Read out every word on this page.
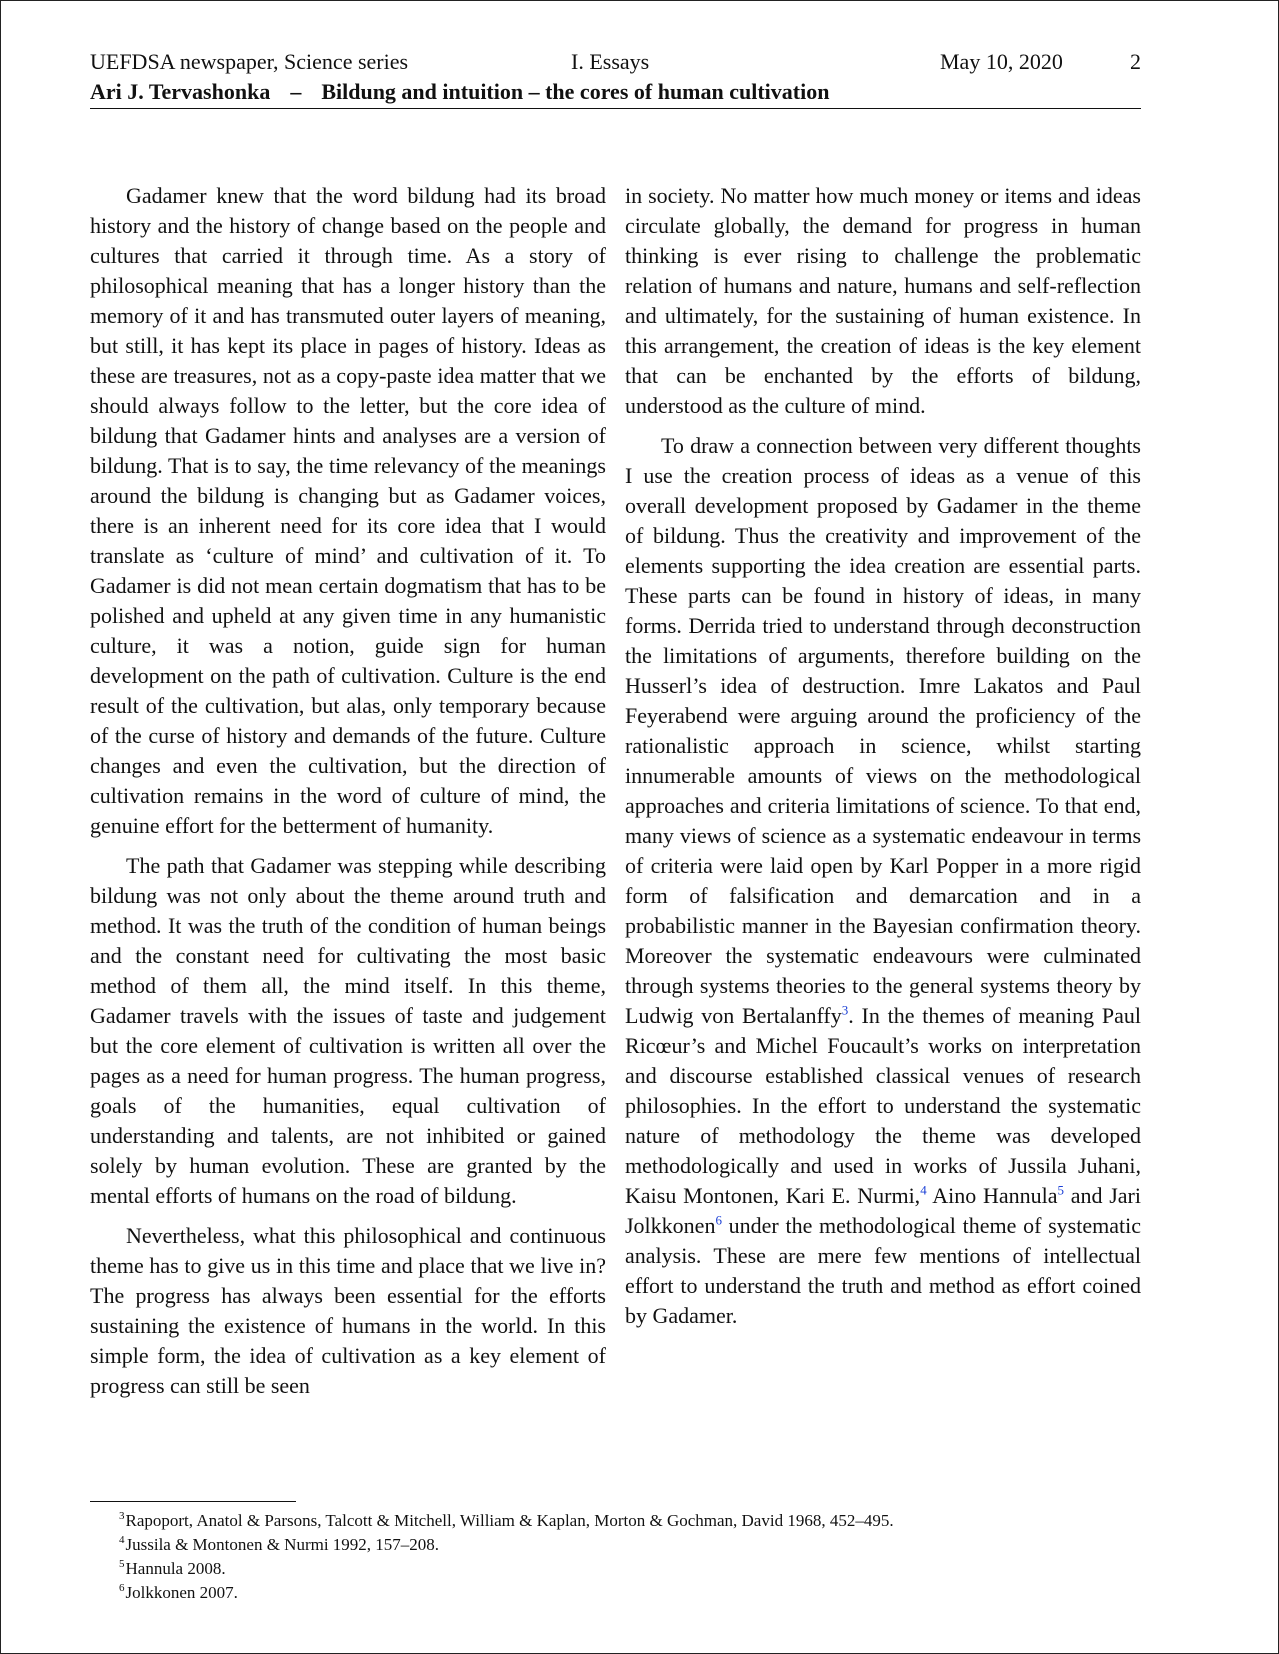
UEFDSA newspaper, Science series	I. Essays	May 10, 2020	2
Ari J. Tervashonka – Bildung and intuition – the cores of human cultivation

Gadamer knew that the word bildung had its broad history and the history of change based on the people and cultures that carried it through time. As a story of philosophical meaning that has a longer history than the memory of it and has transmuted outer layers of meaning, but still, it has kept its place in pages of history. Ideas as these are treasures, not as a copy-paste idea matter that we should always follow to the letter, but the core idea of bildung that Gadamer hints and analyses are a version of bildung. That is to say, the time relevancy of the meanings around the bildung is changing but as Gadamer voices, there is an inherent need for its core idea that I would translate as ‘culture of mind’ and cultivation of it. To Gadamer is did not mean certain dogmatism that has to be polished and upheld at any given time in any humanistic culture, it was a notion, guide sign for human development on the path of cultivation. Culture is the end result of the cultivation, but alas, only temporary because of the curse of history and demands of the future. Culture changes and even the cultivation, but the direction of cultivation remains in the word of culture of mind, the genuine effort for the betterment of humanity.

The path that Gadamer was stepping while describing bildung was not only about the theme around truth and method. It was the truth of the condition of human beings and the constant need for cultivating the most basic method of them all, the mind itself. In this theme, Gadamer travels with the issues of taste and judgement but the core element of cultivation is written all over the pages as a need for human progress. The human progress, goals of the humanities, equal cultivation of understanding and talents, are not inhibited or gained solely by human evolution. These are granted by the mental efforts of humans on the road of bildung.

Nevertheless, what this philosophical and continuous theme has to give us in this time and place that we live in? The progress has always been essential for the efforts sustaining the existence of humans in the world. In this simple form, the idea of cultivation as a key element of progress can still be seen

in society. No matter how much money or items and ideas circulate globally, the demand for progress in human thinking is ever rising to challenge the problematic relation of humans and nature, humans and self-reflection and ultimately, for the sustaining of human existence. In this arrangement, the creation of ideas is the key element that can be enchanted by the efforts of bildung, understood as the culture of mind.

To draw a connection between very different thoughts I use the creation process of ideas as a venue of this overall development proposed by Gadamer in the theme of bildung. Thus the creativity and improvement of the elements supporting the idea creation are essential parts. These parts can be found in history of ideas, in many forms. Derrida tried to understand through deconstruction the limitations of arguments, therefore building on the Husserl’s idea of destruction. Imre Lakatos and Paul Feyerabend were arguing around the proficiency of the rationalistic approach in science, whilst starting innumerable amounts of views on the methodological approaches and criteria limitations of science. To that end, many views of science as a systematic endeavour in terms of criteria were laid open by Karl Popper in a more rigid form of falsification and demarcation and in a probabilistic manner in the Bayesian confirmation theory. Moreover the systematic endeavours were culminated through systems theories to the general systems theory by Ludwig von Bertalanffy$^3$. In the themes of meaning Paul Ricœur’s and Michel Foucault’s works on interpretation and discourse established classical venues of research philosophies. In the effort to understand the systematic nature of methodology the theme was developed methodologically and used in works of Jussila Juhani, Kaisu Montonen, Kari E. Nurmi,$^4$ Aino Hannula$^5$ and Jari Jolkkonen$^6$ under the methodological theme of systematic analysis. These are mere few mentions of intellectual effort to understand the truth and method as effort coined by Gadamer.

$^3$Rapoport, Anatol & Parsons, Talcott & Mitchell, William & Kaplan, Morton & Gochman, David 1968, 452–495.
$^4$Jussila & Montonen & Nurmi 1992, 157–208.
$^5$Hannula 2008.
$^6$Jolkkonen 2007.
